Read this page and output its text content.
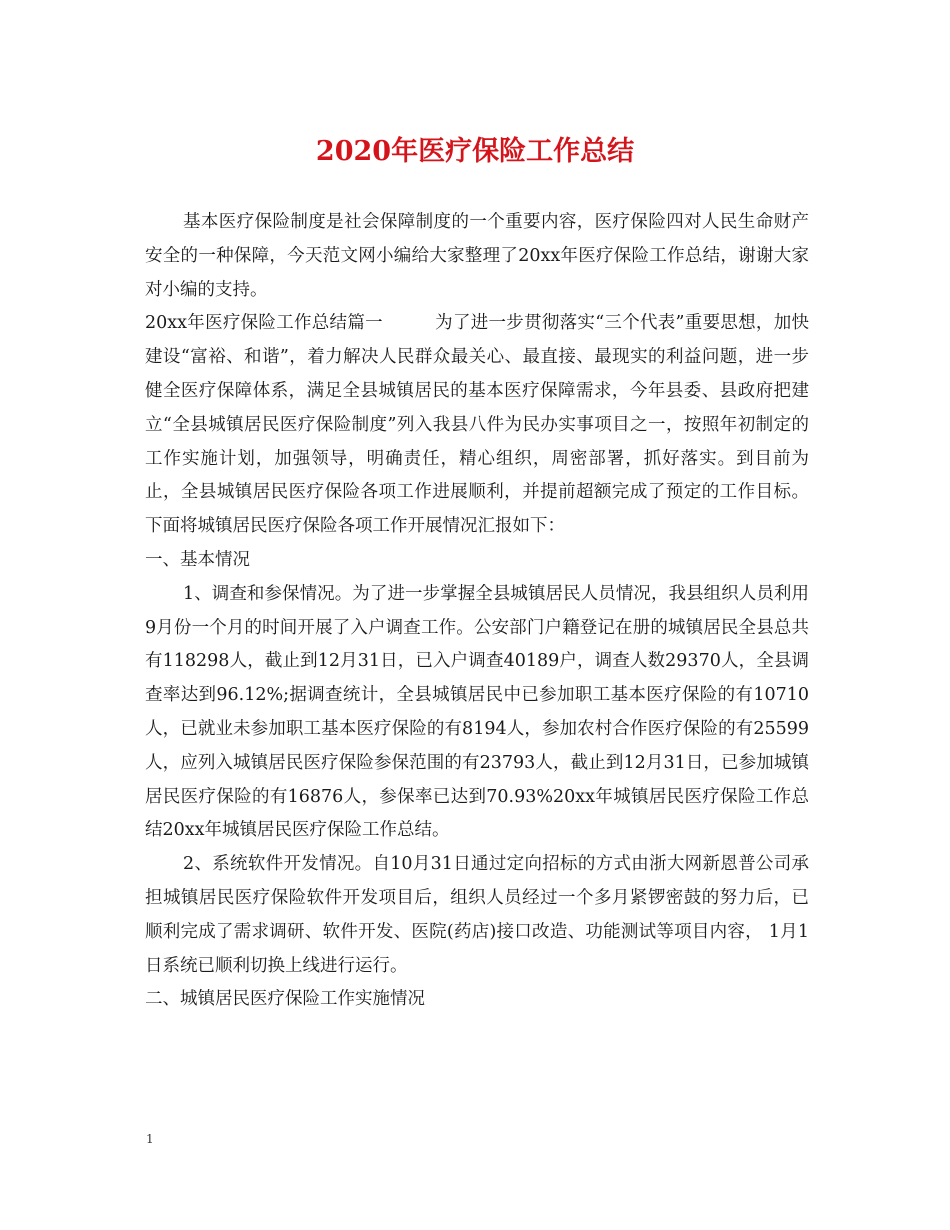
2020年医疗保险工作总结

基本医疗保险制度是社会保障制度的一个重要内容，医疗保险四对人民生命财产安全的一种保障，今天范文网小编给大家整理了20xx年医疗保险工作总结，谢谢大家对小编的支持。

20xx年医疗保险工作总结篇一	为了进一步贯彻落实“三个代表”重要思想，加快建设“富裕、和谐”，着力解决人民群众最关心、最直接、最现实的利益问题，进一步健全医疗保障体系，满足全县城镇居民的基本医疗保障需求，今年县委、县政府把建立“全县城镇居民医疗保险制度”列入我县八件为民办实事项目之一，按照年初制定的工作实施计划，加强领导，明确责任，精心组织，周密部署，抓好落实。到目前为止，全县城镇居民医疗保险各项工作进展顺利，并提前超额完成了预定的工作目标。下面将城镇居民医疗保险各项工作开展情况汇报如下：

一、基本情况

1、调查和参保情况。为了进一步掌握全县城镇居民人员情况，我县组织人员利用9月份一个月的时间开展了入户调查工作。公安部门户籍登记在册的城镇居民全县总共有118298人，截止到12月31日，已入户调查40189户，调查人数29370人，全县调查率达到96.12%;据调查统计，全县城镇居民中已参加职工基本医疗保险的有10710人，已就业未参加职工基本医疗保险的有8194人，参加农村合作医疗保险的有25599人，应列入城镇居民医疗保险参保范围的有23793人，截止到12月31日，已参加城镇居民医疗保险的有16876人，参保率已达到70.93%20xx年城镇居民医疗保险工作总结20xx年城镇居民医疗保险工作总结。

2、系统软件开发情况。自10月31日通过定向招标的方式由浙大网新恩普公司承担城镇居民医疗保险软件开发项目后，组织人员经过一个多月紧锣密鼓的努力后，已顺利完成了需求调研、软件开发、医院(药店)接口改造、功能测试等项目内容， 1月1日系统已顺利切换上线进行运行。

二、城镇居民医疗保险工作实施情况

1
